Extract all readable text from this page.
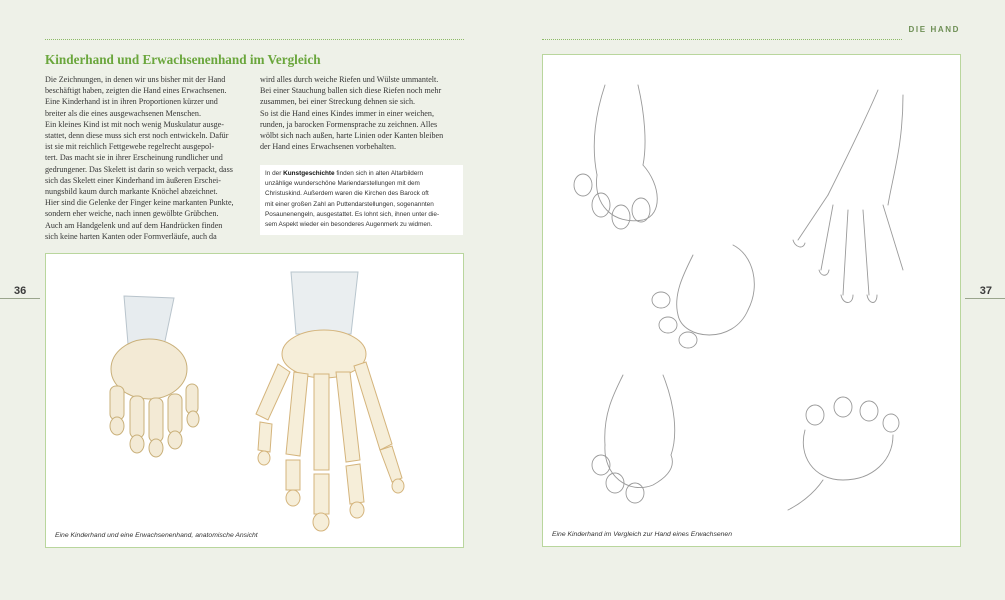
Kinderhand und Erwachsenenhand im Vergleich

Die Zeichnungen, in denen wir uns bisher mit der Hand

beschäftigt haben, zeigten die Hand eines Erwachsenen.

Eine Kinderhand ist in ihren Proportionen kürzer und

breiter als die eines ausgewachsenen Menschen.

Ein kleines Kind ist mit noch wenig Muskulatur ausge-

stattet, denn diese muss sich erst noch entwickeln. Dafür

ist sie mit reichlich Fettgewebe regelrecht ausgepol-

tert. Das macht sie in ihrer Erscheinung rundlicher und

gedrungener. Das Skelett ist darin so weich verpackt, dass

sich das Skelett einer Kinderhand im äußeren Erschei-

nungsbild kaum durch markante Knöchel abzeichnet.

Hier sind die Gelenke der Finger keine markanten Punkte,

sondern eher weiche, nach innen gewölbte Grübchen.

Auch am Handgelenk und auf dem Handrücken finden

sich keine harten Kanten oder Formverläufe, auch da

wird alles durch weiche Riefen und Wülste ummantelt.

Bei einer Stauchung ballen sich diese Riefen noch mehr

zusammen, bei einer Streckung dehnen sie sich.

So ist die Hand eines Kindes immer in einer weichen,

runden, ja barocken Formensprache zu zeichnen. Alles

wölbt sich nach außen, harte Linien oder Kanten bleiben

der Hand eines Erwachsenen vorbehalten.

In der Kunstgeschichte finden sich in alten Altarbildern
unzählige wunderschöne Mariendarstellungen mit dem
Christuskind. Außerdem waren die Kirchen des Barock oft
mit einer großen Zahl an Puttendarstellungen, sogenannten
Posaunenengeln, ausgestattet. Es lohnt sich, ihnen unter die-
sem Aspekt wieder ein besonderes Augenmerk zu widmen.
36
Eine Kinderhand und eine Erwachsenenhand, anatomische Ansicht
DIE HAND
37
Eine Kinderhand im Vergleich zur Hand eines Erwachsenen
